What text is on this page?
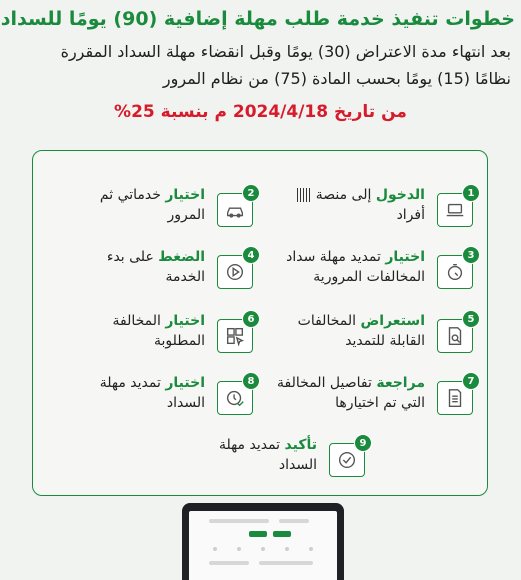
خطوات تنفيذ خدمة طلب مهلة إضافية (90) يومًا للسداد
بعد انتهاء مدة الاعتراض (30) يومًا وقبل انقضاء مهلة السداد المقررة
نظامًا (15) يومًا بحسب المادة (75) من نظام المرور
من تاريخ 2024/4/18 م بنسبة 25%
1
الدخول إلى منصة
أفراد
2
اختيار خدماتي ثم
المرور
3
اختيار تمديد مهلة سداد
المخالفات المرورية
4
الضغط على بدء
الخدمة
5
استعراض المخالفات
القابلة للتمديد
6
اختيار المخالفة
المطلوبة
7
مراجعة تفاصيل المخالفة
التي تم اختيارها
8
اختيار تمديد مهلة
السداد
9
تأكيد تمديد مهلة
السداد
